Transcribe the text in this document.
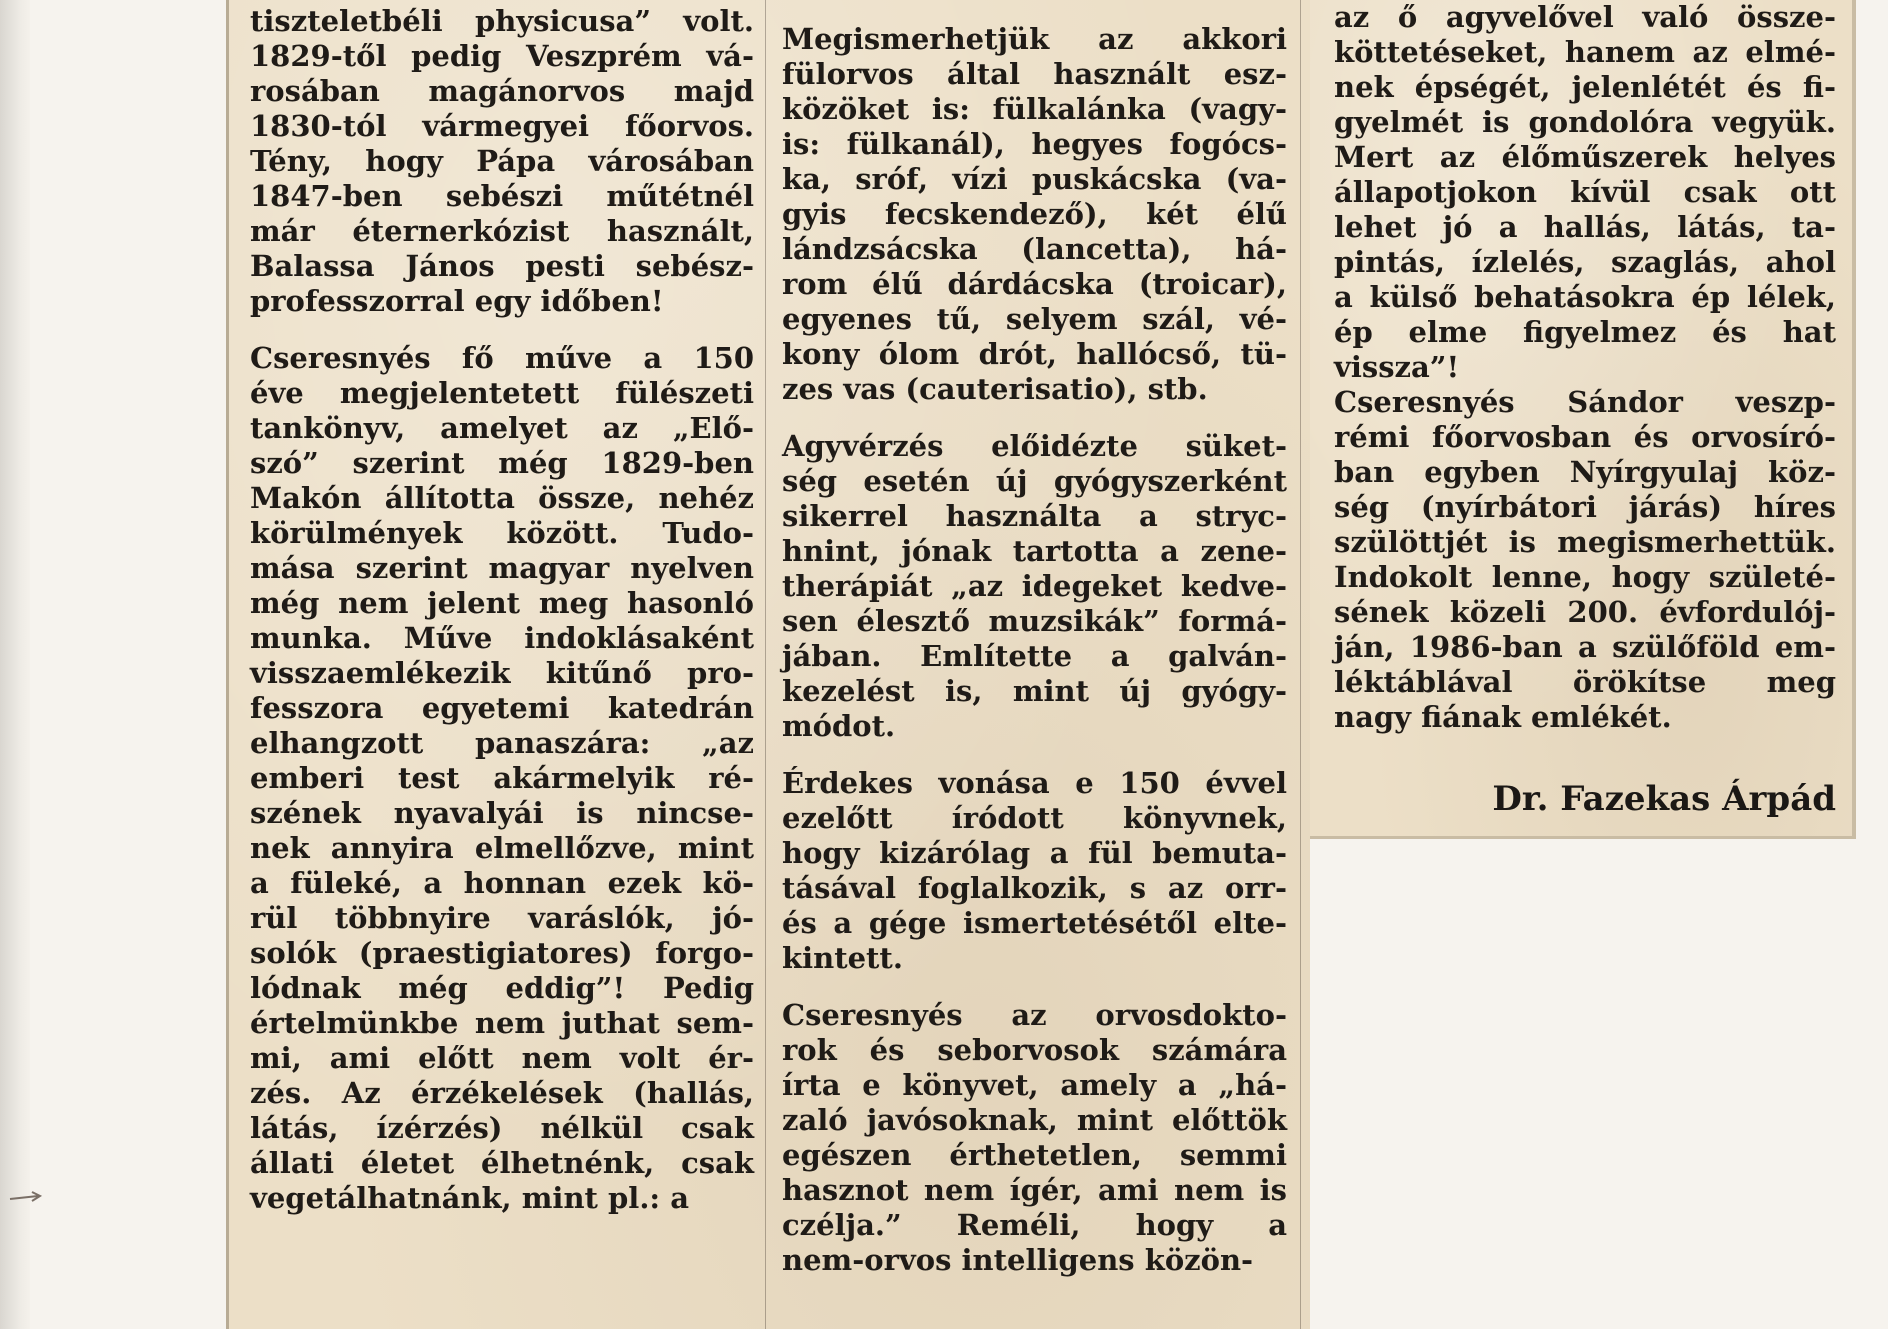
tiszteletbéli physicusa” volt.
1829-től pedig Veszprém vá-
rosában magánorvos majd
1830-tól vármegyei főorvos.
Tény, hogy Pápa városában
1847-ben sebészi műtétnél
már éternerkózist használt,
Balassa János pesti sebész-
professzorral egy időben!
Cseresnyés fő műve a 150
éve megjelentetett fülészeti
tankönyv, amelyet az „Elő-
szó” szerint még 1829-ben
Makón állította össze, nehéz
körülmények között. Tudo-
mása szerint magyar nyelven
még nem jelent meg hasonló
munka. Műve indoklásaként
visszaemlékezik kitűnő pro-
fesszora egyetemi katedrán
elhangzott panaszára: „az
emberi test akármelyik ré-
szének nyavalyái is nincse-
nek annyira elmellőzve, mint
a füleké, a honnan ezek kö-
rül többnyire varáslók, jó-
solók (praestigiatores) forgo-
lódnak még eddig”! Pedig
értelmünkbe nem juthat sem-
mi, ami előtt nem volt ér-
zés. Az érzékelések (hallás,
látás, ízérzés) nélkül csak
állati életet élhetnénk, csak
vegetálhatnánk, mint pl.: a
Megismerhetjük az akkori
fülorvos által használt esz-
közöket is: fülkalánka (vagy-
is: fülkanál), hegyes fogócs-
ka, sróf, vízi puskácska (va-
gyis fecskendező), két élű
lándzsácska (lancetta), há-
rom élű dárdácska (troicar),
egyenes tű, selyem szál, vé-
kony ólom drót, hallócső, tü-
zes vas (cauterisatio), stb.
Agyvérzés előidézte süket-
ség esetén új gyógyszerként
sikerrel használta a stryc-
hnint, jónak tartotta a zene-
therápiát „az idegeket kedve-
sen élesztő muzsikák” formá-
jában. Említette a galván-
kezelést is, mint új gyógy-
módot.
Érdekes vonása e 150 évvel
ezelőtt íródott könyvnek,
hogy kizárólag a fül bemuta-
tásával foglalkozik, s az orr-
és a gége ismertetésétől elte-
kintett.
Cseresnyés az orvosdokto-
rok és seborvosok számára
írta e könyvet, amely a „há-
zaló javósoknak, mint előttök
egészen érthetetlen, semmi
hasznot nem ígér, ami nem is
czélja.” Reméli, hogy a
nem-orvos intelligens közön-
az ő agyvelővel való össze-
köttetéseket, hanem az elmé-
nek épségét, jelenlétét és fi-
gyelmét is gondolóra vegyük.
Mert az élőműszerek helyes
állapotjokon kívül csak ott
lehet jó a hallás, látás, ta-
pintás, ízlelés, szaglás, ahol
a külső behatásokra ép lélek,
ép elme figyelmez és hat
vissza”!
Cseresnyés Sándor veszp-
rémi főorvosban és orvosíró-
ban egyben Nyírgyulaj köz-
ség (nyírbátori járás) híres
szülöttjét is megismerhettük.
Indokolt lenne, hogy születé-
sének közeli 200. évfordulój-
ján, 1986-ban a szülőföld em-
léktáblával örökítse meg
nagy fiának emlékét.
Dr. Fazekas Árpád
